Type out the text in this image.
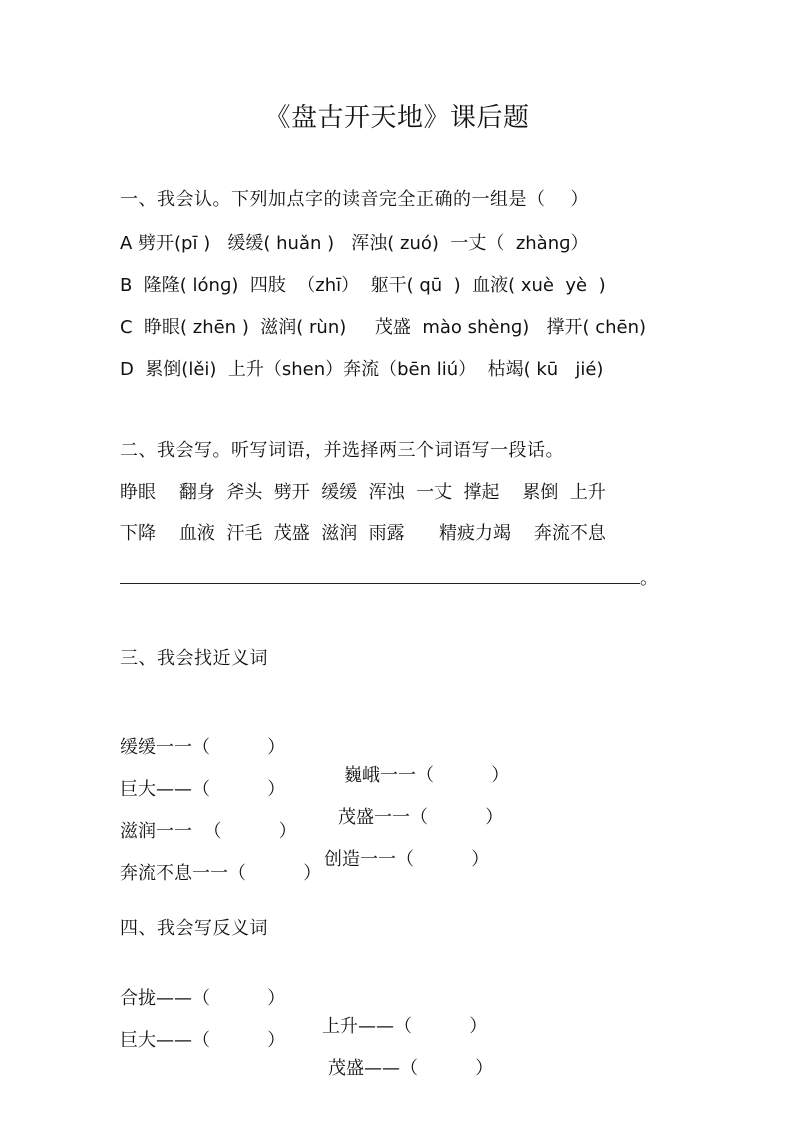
《盘古开天地》课后题
一、我会认。下列加点字的读音完全正确的一组是（    ）
A 劈开(pī )   缓缓( huǎn )   浑浊( zuó)  一丈（  zhànɡ）
B  隆隆( lónɡ)  四肢  （zhī）  躯干( qū  )  血液( xuè  yè  )
C  睁眼( zhēn )  滋润( rùn)     茂盛  mào shènɡ)   撑开( chēn)
D  累倒(lěi)  上升（shen）奔流（bēn liú）  枯竭( kū   jié)
二、我会写。听写词语，并选择两三个词语写一段话。
睁眼    翻身  斧头  劈开  缓缓  浑浊  一丈  撑起    累倒  上升
下降    血液  汗毛  茂盛  滋润  雨露      精疲力竭    奔流不息
。
三、我会找近义词

缓缓一一（          ）

巍峨一一（          ）

巨大——（          ）

茂盛一一（          ）

滋润一一  （          ）

创造一一（          ）

奔流不息一一（          ）

四、我会写反义词

合拢——（          ）

上升——（          ）

巨大——（          ）

茂盛——（          ）
